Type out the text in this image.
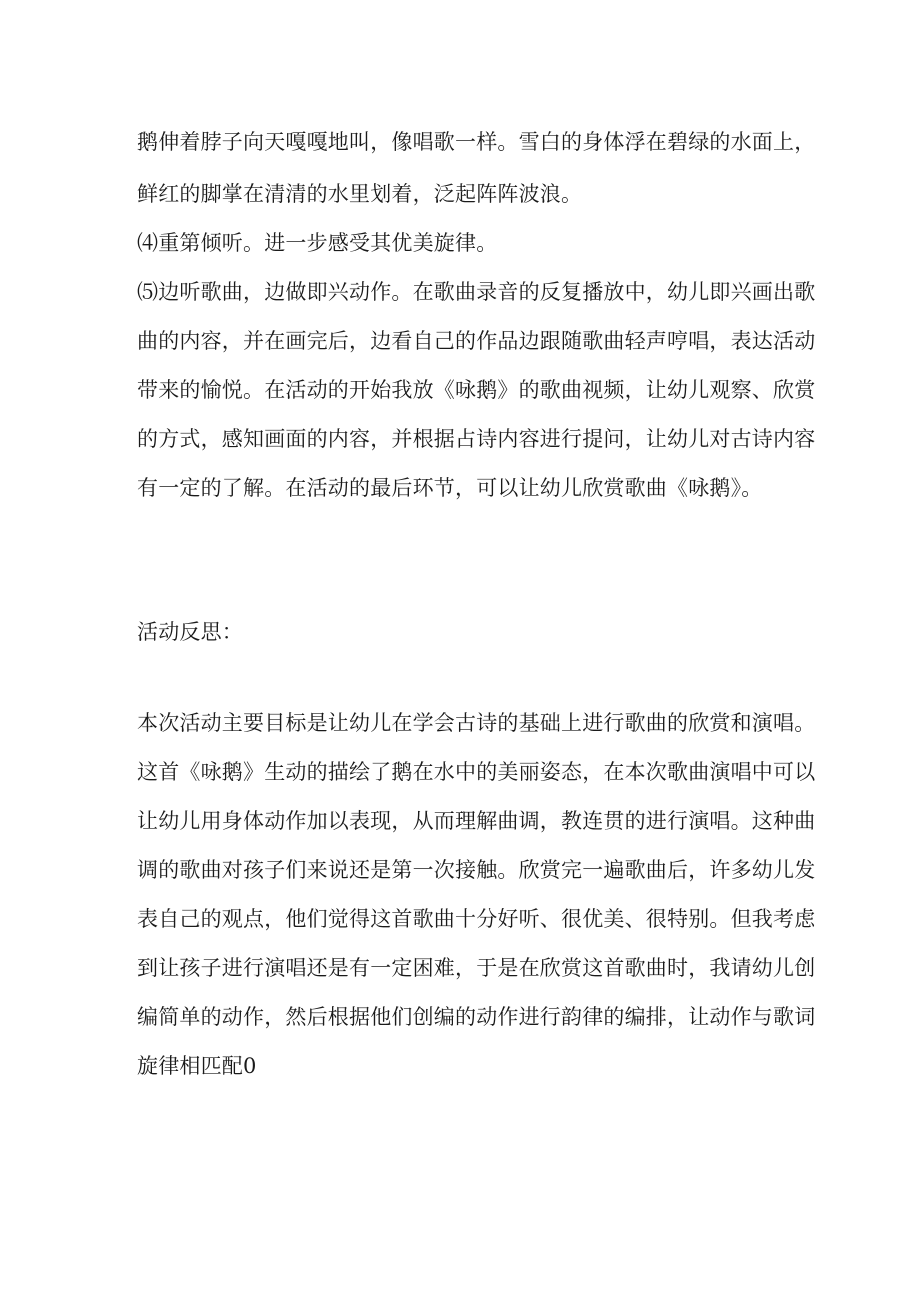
鹅伸着脖子向天嘎嘎地叫，像唱歌一样。雪白的身体浮在碧绿的水面上，
鲜红的脚掌在清清的水里划着，泛起阵阵波浪。
⑷重第倾听。进一步感受其优美旋律。
⑸边听歌曲，边做即兴动作。在歌曲录音的反复播放中，幼儿即兴画出歌
曲的内容，并在画完后，边看自己的作品边跟随歌曲轻声哼唱，表达活动
带来的愉悦。在活动的开始我放《咏鹅》的歌曲视频，让幼儿观察、欣赏
的方式，感知画面的内容，并根据占诗内容进行提问，让幼儿对古诗内容
有一定的了解。在活动的最后环节，可以让幼儿欣赏歌曲《咏鹅》。
活动反思：
本次活动主要目标是让幼儿在学会古诗的基础上进行歌曲的欣赏和演唱。
这首《咏鹅》生动的描绘了鹅在水中的美丽姿态，在本次歌曲演唱中可以
让幼儿用身体动作加以表现，从而理解曲调，教连贯的进行演唱。这种曲
调的歌曲对孩子们来说还是第一次接触。欣赏完一遍歌曲后，许多幼儿发
表自己的观点，他们觉得这首歌曲十分好听、很优美、很特别。但我考虑
到让孩子进行演唱还是有一定困难，于是在欣赏这首歌曲时，我请幼儿创
编简单的动作，然后根据他们创编的动作进行韵律的编排，让动作与歌词
旋律相匹配0
